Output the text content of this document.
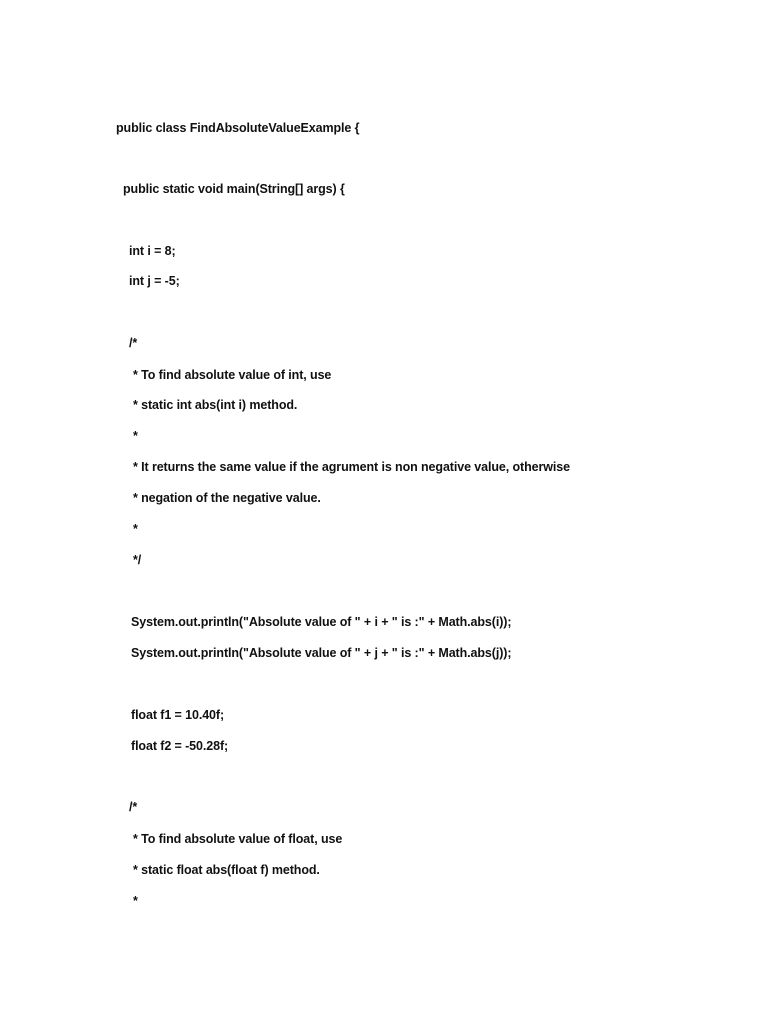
public class FindAbsoluteValueExample {
public static void main(String[] args) {
int i = 8;
int j = -5;
/*
* To find absolute value of int, use
* static int abs(int i) method.
*
* It returns the same value if the agrument is non negative value, otherwise
* negation of the negative value.
*
*/
System.out.println("Absolute value of " + i + " is :" + Math.abs(i));
System.out.println("Absolute value of " + j + " is :" + Math.abs(j));
float f1 = 10.40f;
float f2 = -50.28f;
/*
* To find absolute value of float, use
* static float abs(float f) method.
*
